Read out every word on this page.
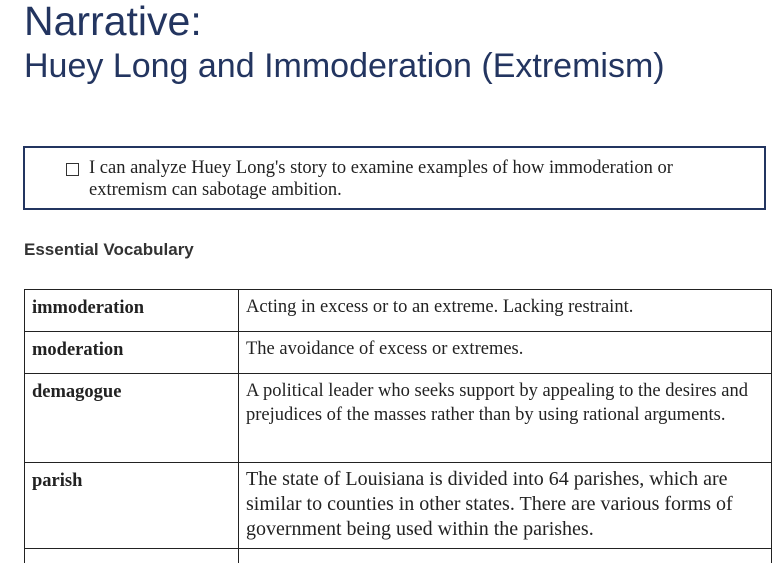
Narrative:
Huey Long and Immoderation (Extremism)
I can analyze Huey Long's story to examine examples of how immoderation or extremism can sabotage ambition.
Essential Vocabulary
immoderation	Acting in excess or to an extreme. Lacking restraint.
moderation	The avoidance of excess or extremes.
demagogue	A political leader who seeks support by appealing to the desires and prejudices of the masses rather than by using rational arguments.
parish	The state of Louisiana is divided into 64 parishes, which are similar to counties in other states. There are various forms of government being used within the parishes.
